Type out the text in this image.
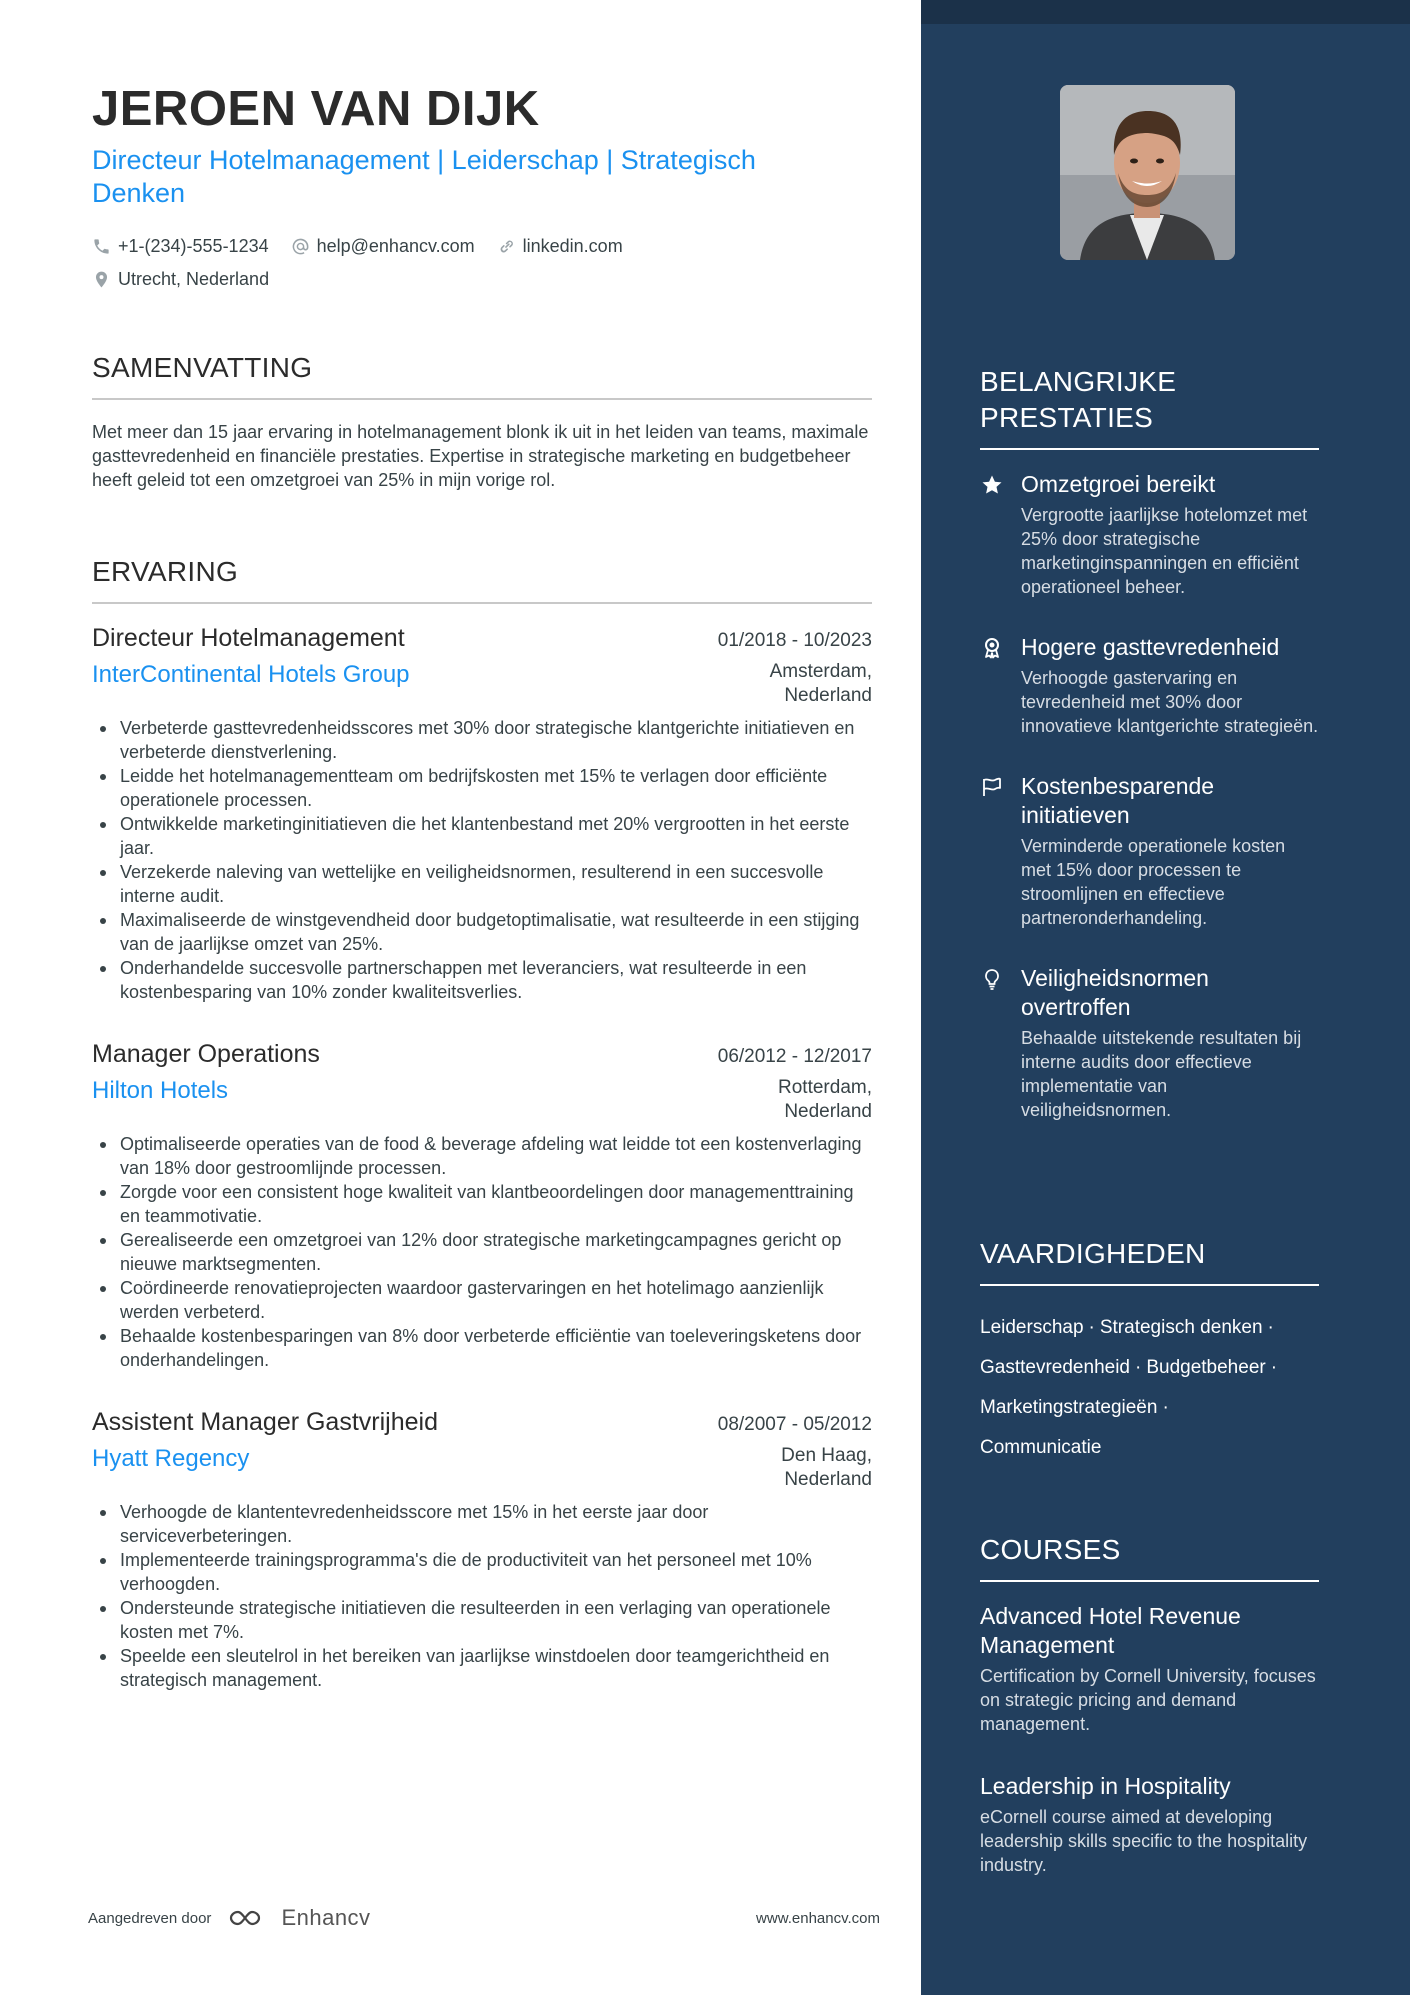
JEROEN VAN DIJK
Directeur Hotelmanagement | Leiderschap | Strategisch Denken
+1-(234)-555-1234	help@enhancv.com	linkedin.com
Utrecht, Nederland
SAMENVATTING
Met meer dan 15 jaar ervaring in hotelmanagement blonk ik uit in het leiden van teams, maximale gasttevredenheid en financiële prestaties. Expertise in strategische marketing en budgetbeheer heeft geleid tot een omzetgroei van 25% in mijn vorige rol.
ERVARING
Directeur Hotelmanagement	01/2018 - 10/2023
InterContinental Hotels Group	Amsterdam, Nederland
Verbeterde gasttevredenheidsscores met 30% door strategische klantgerichte initiatieven en verbeterde dienstverlening.
Leidde het hotelmanagementteam om bedrijfskosten met 15% te verlagen door efficiënte operationele processen.
Ontwikkelde marketinginitiatieven die het klantenbestand met 20% vergrootten in het eerste jaar.
Verzekerde naleving van wettelijke en veiligheidsnormen, resulterend in een succesvolle interne audit.
Maximaliseerde de winstgevendheid door budgetoptimalisatie, wat resulteerde in een stijging van de jaarlijkse omzet van 25%.
Onderhandelde succesvolle partnerschappen met leveranciers, wat resulteerde in een kostenbesparing van 10% zonder kwaliteitsverlies.
Manager Operations	06/2012 - 12/2017
Hilton Hotels	Rotterdam, Nederland
Optimaliseerde operaties van de food & beverage afdeling wat leidde tot een kostenverlaging van 18% door gestroomlijnde processen.
Zorgde voor een consistent hoge kwaliteit van klantbeoordelingen door managementtraining en teammotivatie.
Gerealiseerde een omzetgroei van 12% door strategische marketingcampagnes gericht op nieuwe marktsegmenten.
Coördineerde renovatieprojecten waardoor gastervaringen en het hotelimago aanzienlijk werden verbeterd.
Behaalde kostenbesparingen van 8% door verbeterde efficiëntie van toeleveringsketens door onderhandelingen.
Assistent Manager Gastvrijheid	08/2007 - 05/2012
Hyatt Regency	Den Haag, Nederland
Verhoogde de klantentevredenheidsscore met 15% in het eerste jaar door serviceverbeteringen.
Implementeerde trainingsprogramma's die de productiviteit van het personeel met 10% verhoogden.
Ondersteunde strategische initiatieven die resulteerden in een verlaging van operationele kosten met 7%.
Speelde een sleutelrol in het bereiken van jaarlijkse winstdoelen door teamgerichtheid en strategisch management.
Aangedreven door	Enhancv	www.enhancv.com
BELANGRIJKE PRESTATIES
Omzetgroei bereikt
Vergrootte jaarlijkse hotelomzet met 25% door strategische marketinginspanningen en efficiënt operationeel beheer.
Hogere gasttevredenheid
Verhoogde gastervaring en tevredenheid met 30% door innovatieve klantgerichte strategieën.
Kostenbesparende initiatieven
Verminderde operationele kosten met 15% door processen te stroomlijnen en effectieve partneronderhandeling.
Veiligheidsnormen overtroffen
Behaalde uitstekende resultaten bij interne audits door effectieve implementatie van veiligheidsnormen.
VAARDIGHEDEN
Leiderschap · Strategisch denken ·
Gasttevredenheid · Budgetbeheer ·
Marketingstrategieën ·
Communicatie
COURSES
Advanced Hotel Revenue Management
Certification by Cornell University, focuses on strategic pricing and demand management.
Leadership in Hospitality
eCornell course aimed at developing leadership skills specific to the hospitality industry.
